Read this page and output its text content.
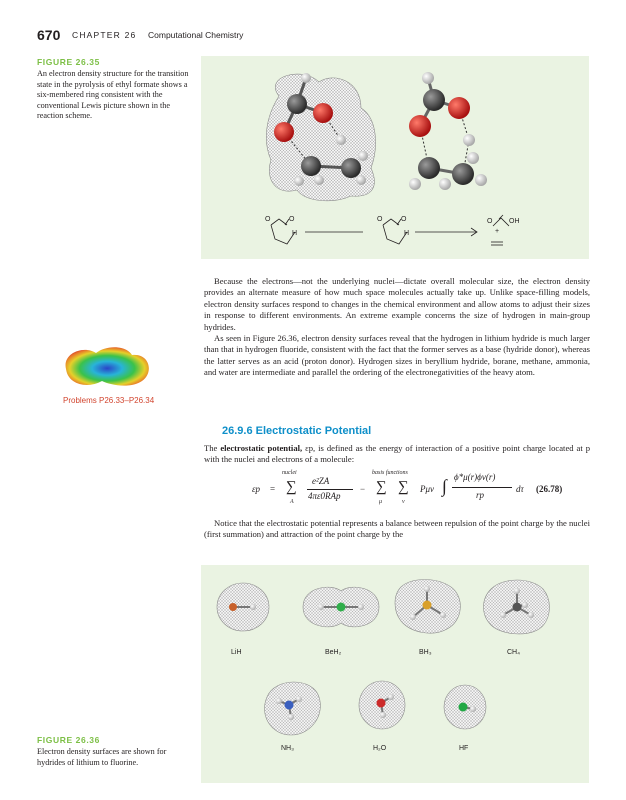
670 CHAPTER 26 Computational Chemistry
FIGURE 26.35
An electron density structure for the transition state in the pyrolysis of ethyl formate shows a six-membered ring consistent with the conventional Lewis picture shown in the reaction scheme.
O	O
H
O	O
H
O OH
+
Problems P26.33–P26.34
Because the electrons—not the underlying nuclei—dictate overall molecular size, the electron density provides an alternate measure of how much space molecules actually take up. Unlike space-filling models, electron density surfaces respond to changes in the chemical environment and allow atoms to adjust their sizes in response to different environments. An extreme example concerns the size of hydrogen in main-group hydrides.
As seen in Figure 26.36, electron density surfaces reveal that the hydrogen in lithium hydride is much larger than that in hydrogen fluoride, consistent with the fact that the former serves as a base (hydride donor), whereas the latter serves as an acid (proton donor). Hydrogen sizes in beryllium hydride, borane, methane, ammonia, and water are intermediate and parallel the ordering of the electronegativities of the heavy atom.
26.9.6 Electrostatic Potential
The electrostatic potential, εp, is defined as the energy of interaction of a positive point charge located at p with the nuclei and electrons of a molecule:
εp =
nuclei
∑
A
e²ZA
4πε0RAp
−
basis functions
∑
μ
∑
ν
Pμν ∫ ϕ*μ(r)ϕν(r)
rp
dτ (26.78)
Notice that the electrostatic potential represents a balance between repulsion of the point charge by the nuclei (first summation) and attraction of the point charge by the
LiH	BeH₂	BH₃	CH₄
NH₃	H₂O	HF
FIGURE 26.36
Electron density surfaces are shown for hydrides of lithium to fluorine.
